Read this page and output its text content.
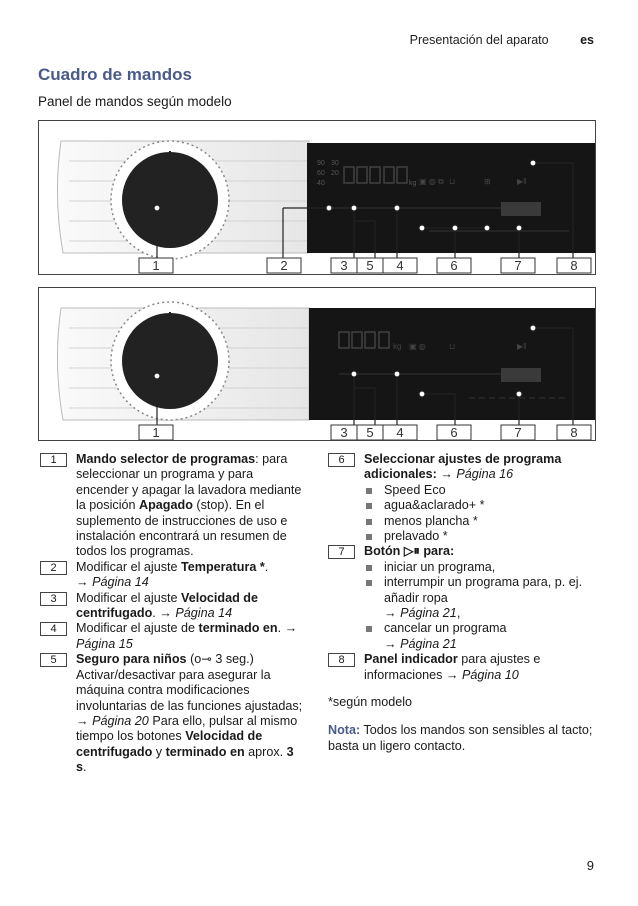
Presentación del aparato	es
Cuadro de mandos
Panel de mandos según modelo
90
60
40
30
20
kg ▣ ◍ ⧉ ⊔	⊞	▶‖
1	2	3 5 4	6	7	8
kg ▣ ◍	⊔	▶‖
1	3 5 4	6	7	8

1	Mando selector de programas: para seleccionar un programa y para encender y apagar la lavadora mediante la posición Apagado (stop). En el suplemento de instrucciones de uso e instalación encontrará un resumen de todos los programas.

2	Modificar el ajuste Temperatura *.
→ Página 14

3	Modificar el ajuste Velocidad de centrifugado. → Página 14

4	Modificar el ajuste de terminado en. → Página 15

5	Seguro para niños (o⊸ 3 seg.) Activar/desactivar para asegurar la máquina contra modificaciones involuntarias de las funciones ajustadas; → Página 20 Para ello, pulsar al mismo tiempo los botones Velocidad de centrifugado y terminado en aprox. 3 s.

6	Seleccionar ajustes de programa adicionales: → Página 16
Speed Eco
agua&aclarado+ *
menos plancha *
prelavado *
7	Botón ▷⏸ para:
iniciar un programa,
interrumpir un programa para, p. ej. añadir ropa
→ Página 21,
cancelar un programa
→ Página 21

8	Panel indicador para ajustes e informaciones → Página 10

*según modelo

Nota: Todos los mandos son sensibles al tacto; basta un ligero contacto.

9
